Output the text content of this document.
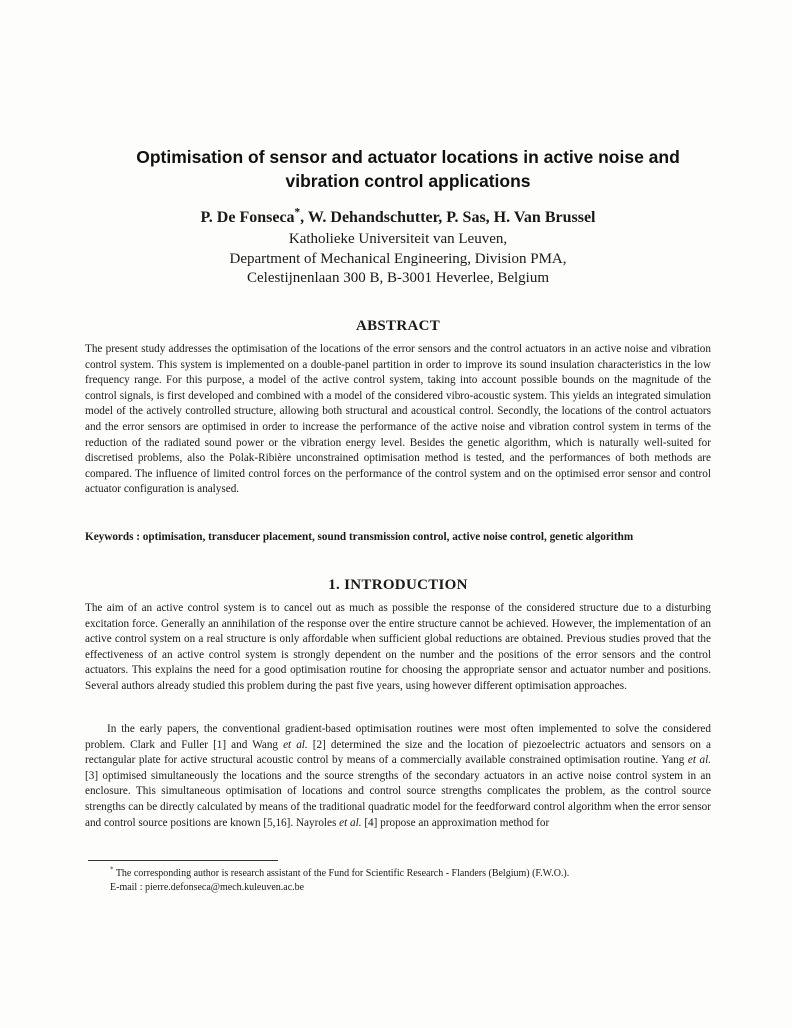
Optimisation of sensor and actuator locations in active noise and
vibration control applications
P. De Fonseca*, W. Dehandschutter, P. Sas, H. Van Brussel
Katholieke Universiteit van Leuven,
Department of Mechanical Engineering, Division PMA,
Celestijnenlaan 300 B, B-3001 Heverlee, Belgium
ABSTRACT
The present study addresses the optimisation of the locations of the error sensors and the control actuators in an active noise and vibration control system. This system is implemented on a double-panel partition in order to improve its sound insulation characteristics in the low frequency range. For this purpose, a model of the active control system, taking into account possible bounds on the magnitude of the control signals, is first developed and combined with a model of the considered vibro-acoustic system. This yields an integrated simulation model of the actively controlled structure, allowing both structural and acoustical control. Secondly, the locations of the control actuators and the error sensors are optimised in order to increase the performance of the active noise and vibration control system in terms of the reduction of the radiated sound power or the vibration energy level. Besides the genetic algorithm, which is naturally well-suited for discretised problems, also the Polak-Ribière unconstrained optimisation method is tested, and the performances of both methods are compared. The influence of limited control forces on the performance of the control system and on the optimised error sensor and control actuator configuration is analysed.
Keywords : optimisation, transducer placement, sound transmission control, active noise control, genetic algorithm
1. INTRODUCTION
The aim of an active control system is to cancel out as much as possible the response of the considered structure due to a disturbing excitation force. Generally an annihilation of the response over the entire structure cannot be achieved. However, the implementation of an active control system on a real structure is only affordable when sufficient global reductions are obtained. Previous studies proved that the effectiveness of an active control system is strongly dependent on the number and the positions of the error sensors and the control actuators. This explains the need for a good optimisation routine for choosing the appropriate sensor and actuator number and positions. Several authors already studied this problem during the past five years, using however different optimisation approaches.
In the early papers, the conventional gradient-based optimisation routines were most often implemented to solve the considered problem. Clark and Fuller [1] and Wang et al. [2] determined the size and the location of piezoelectric actuators and sensors on a rectangular plate for active structural acoustic control by means of a commercially available constrained optimisation routine. Yang et al. [3] optimised simultaneously the locations and the source strengths of the secondary actuators in an active noise control system in an enclosure. This simultaneous optimisation of locations and control source strengths complicates the problem, as the control source strengths can be directly calculated by means of the traditional quadratic model for the feedforward control algorithm when the error sensor and control source positions are known [5,16]. Nayroles et al. [4] propose an approximation method for
* The corresponding author is research assistant of the Fund for Scientific Research - Flanders (Belgium) (F.W.O.).
E-mail : pierre.defonseca@mech.kuleuven.ac.be
